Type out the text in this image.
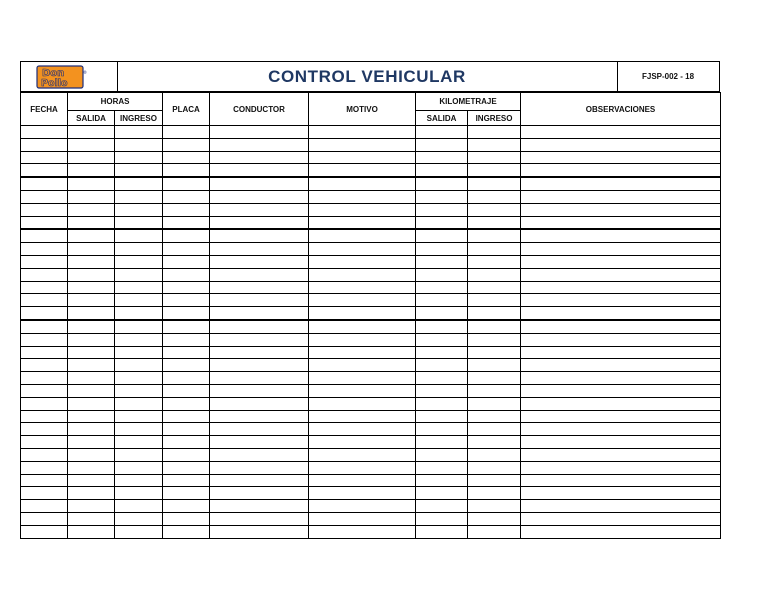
Don
Pollo
®	CONTROL VEHICULAR	FJSP-002 - 18
FECHA	HORAS		PLACA	CONDUCTOR	MOTIVO	KILOMETRAJE		OBSERVACIONES
	SALIDA	INGRESO				SALIDA	INGRESO	
